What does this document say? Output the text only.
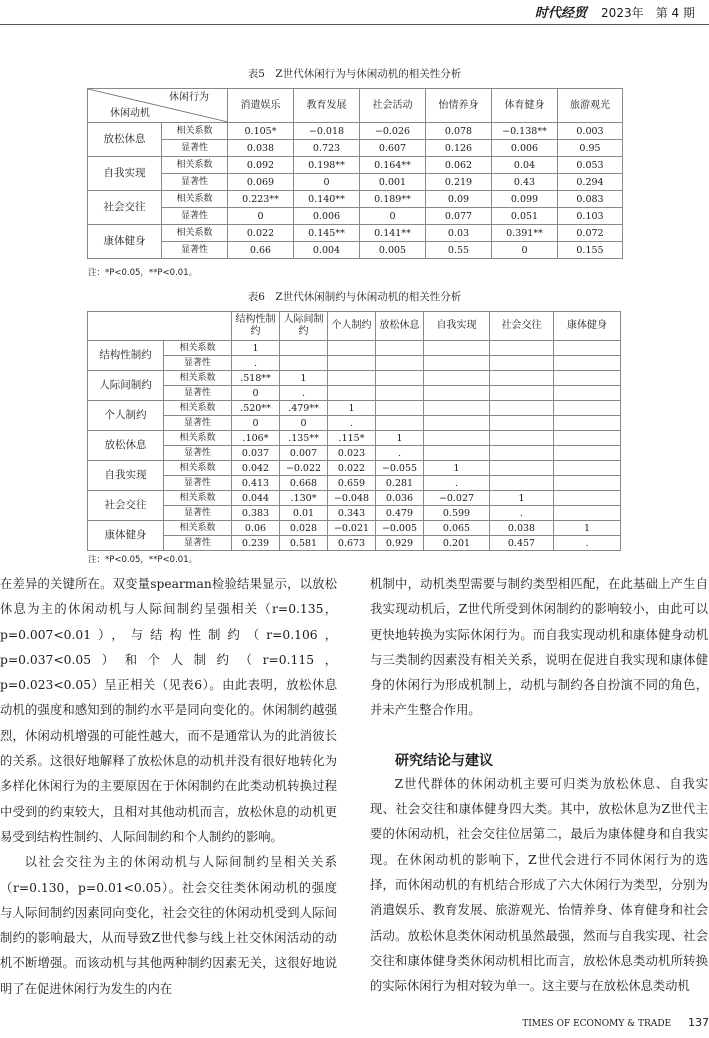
时代经贸 2023年 第 4 期
表5　Z世代休闲行为与休闲动机的相关性分析
休闲行为
休闲动机		消遣娱乐	教育发展	社会活动	怡情养身	体育健身	旅游观光
放松休息	相关系数	0.105*	−0.018	−0.026	0.078	−0.138**	0.003
	显著性	0.038	0.723	0.607	0.126	0.006	0.95
自我实现	相关系数	0.092	0.198**	0.164**	0.062	0.04	0.053
	显著性	0.069	0	0.001	0.219	0.43	0.294
社会交往	相关系数	0.223**	0.140**	0.189**	0.09	0.099	0.083
	显著性	0	0.006	0	0.077	0.051	0.103
康体健身	相关系数	0.022	0.145**	0.141**	0.03	0.391**	0.072
	显著性	0.66	0.004	0.005	0.55	0	0.155
注：*P<0.05，**P<0.01。
表6　Z世代休闲制约与休闲动机的相关性分析
		结构性制约	人际间制约	个人制约	放松休息	自我实现	社会交往	康体健身
结构性制约	相关系数	1						
	显著性	.						
人际间制约	相关系数	.518**	1					
	显著性	0	.					
个人制约	相关系数	.520**	.479**	1				
	显著性	0	0	.				
放松休息	相关系数	.106*	.135**	.115*	1			
	显著性	0.037	0.007	0.023	.			
自我实现	相关系数	0.042	−0.022	0.022	−0.055	1		
	显著性	0.413	0.668	0.659	0.281	.		
社会交往	相关系数	0.044	.130*	−0.048	0.036	−0.027	1	
	显著性	0.383	0.01	0.343	0.479	0.599	.	
康体健身	相关系数	0.06	0.028	−0.021	−0.005	0.065	0.038	1
	显著性	0.239	0.581	0.673	0.929	0.201	0.457	.
注：*P<0.05，**P<0.01。

在差异的关键所在。双变量spearman检验结果显示，以放松休息为主的休闲动机与人际间制约呈强相关（r=0.135，p=0.007<0.01），与结构性制约（r=0.106，p=0.037<0.05）和个人制约（r=0.115，p=0.023<0.05）呈正相关（见表6）。由此表明，放松休息动机的强度和感知到的制约水平是同向变化的。休闲制约越强烈，休闲动机增强的可能性越大，而不是通常认为的此消彼长的关系。这很好地解释了放松休息的动机并没有很好地转化为多样化休闲行为的主要原因在于休闲制约在此类动机转换过程中受到的约束较大，且相对其他动机而言，放松休息的动机更易受到结构性制约、人际间制约和个人制约的影响。

以社会交往为主的休闲动机与人际间制约呈相关关系（r=0.130，p=0.01<0.05）。社会交往类休闲动机的强度与人际间制约因素同向变化，社会交往的休闲动机受到人际间制约的影响最大，从而导致Z世代参与线上社交休闲活动的动机不断增强。而该动机与其他两种制约因素无关，这很好地说明了在促进休闲行为发生的内在

机制中，动机类型需要与制约类型相匹配，在此基础上产生自我实现动机后，Z世代所受到休闲制约的影响较小，由此可以更快地转换为实际休闲行为。而自我实现动机和康体健身动机与三类制约因素没有相关关系，说明在促进自我实现和康体健身的休闲行为形成机制上，动机与制约各自扮演不同的角色，并未产生整合作用。

研究结论与建议

Z世代群体的休闲动机主要可归类为放松休息、自我实现、社会交往和康体健身四大类。其中，放松休息为Z世代主要的休闲动机，社会交往位居第二，最后为康体健身和自我实现。在休闲动机的影响下，Z世代会进行不同休闲行为的选择，而休闲动机的有机结合形成了六大休闲行为类型，分别为消遣娱乐、教育发展、旅游观光、怡情养身、体育健身和社会活动。放松休息类休闲动机虽然最强，然而与自我实现、社会交往和康体健身类休闲动机相比而言，放松休息类动机所转换的实际休闲行为相对较为单一。这主要与在放松休息类动机

TIMES OF ECONOMY & TRADE 137
